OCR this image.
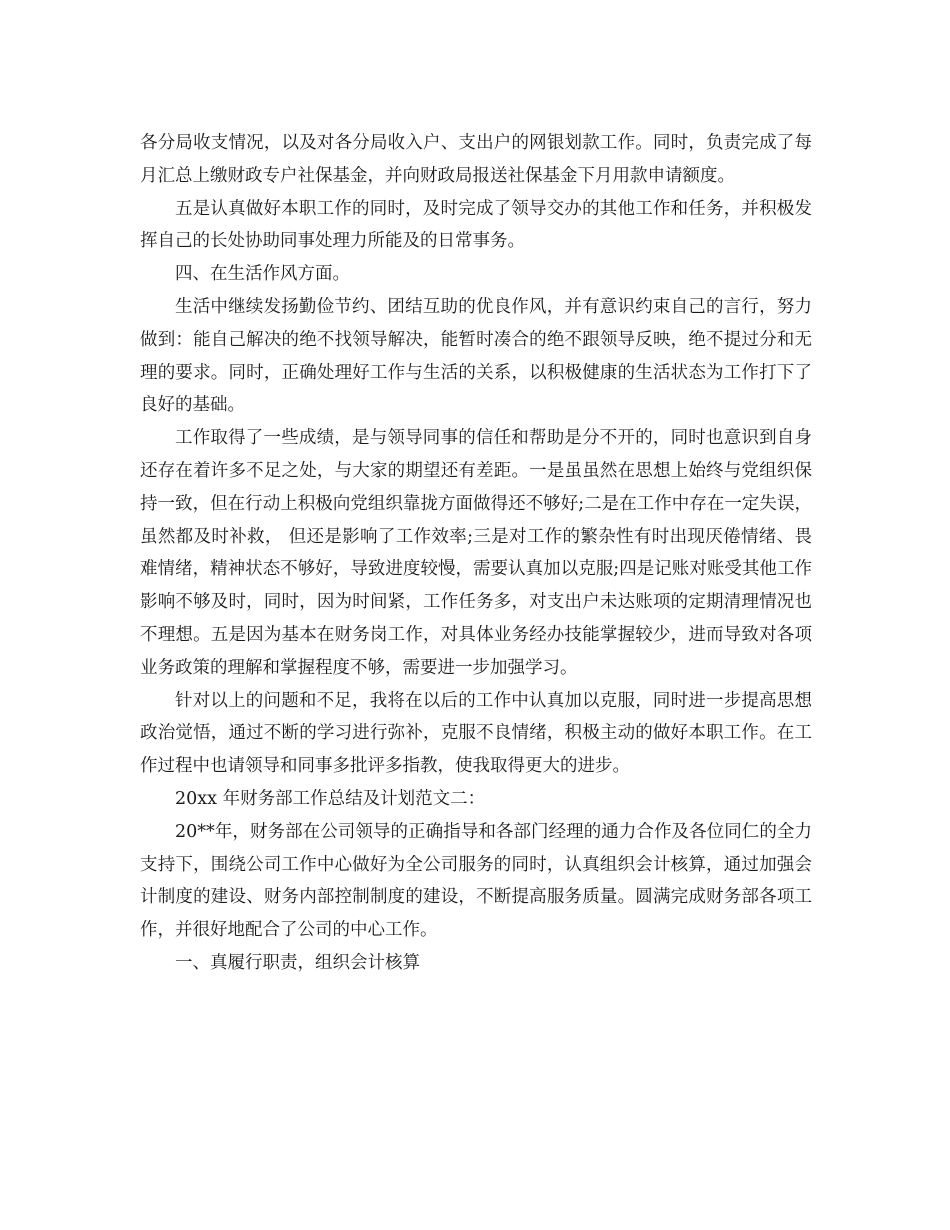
各分局收支情况，以及对各分局收入户、支出户的网银划款工作。同时，负责完成了每月汇总上缴财政专户社保基金，并向财政局报送社保基金下月用款申请额度。

五是认真做好本职工作的同时，及时完成了领导交办的其他工作和任务，并积极发挥自己的长处协助同事处理力所能及的日常事务。

四、在生活作风方面。

生活中继续发扬勤俭节约、团结互助的优良作风，并有意识约束自己的言行，努力做到：能自己解决的绝不找领导解决，能暂时凑合的绝不跟领导反映，绝不提过分和无理的要求。同时，正确处理好工作与生活的关系，以积极健康的生活状态为工作打下了良好的基础。

工作取得了一些成绩，是与领导同事的信任和帮助是分不开的，同时也意识到自身还存在着许多不足之处，与大家的期望还有差距。一是虽虽然在思想上始终与党组织保持一致，但在行动上积极向党组织靠拢方面做得还不够好;二是在工作中存在一定失误，虽然都及时补救， 但还是影响了工作效率;三是对工作的繁杂性有时出现厌倦情绪、畏难情绪，精神状态不够好，导致进度较慢，需要认真加以克服;四是记账对账受其他工作影响不够及时，同时，因为时间紧，工作任务多，对支出户未达账项的定期清理情况也不理想。五是因为基本在财务岗工作，对具体业务经办技能掌握较少，进而导致对各项业务政策的理解和掌握程度不够，需要进一步加强学习。

针对以上的问题和不足，我将在以后的工作中认真加以克服，同时进一步提高思想政治觉悟，通过不断的学习进行弥补，克服不良情绪，积极主动的做好本职工作。在工作过程中也请领导和同事多批评多指教，使我取得更大的进步。

20xx 年财务部工作总结及计划范文二：

20**年，财务部在公司领导的正确指导和各部门经理的通力合作及各位同仁的全力支持下，围绕公司工作中心做好为全公司服务的同时，认真组织会计核算，通过加强会计制度的建设、财务内部控制制度的建设，不断提高服务质量。圆满完成财务部各项工作，并很好地配合了公司的中心工作。

一、真履行职责，组织会计核算
